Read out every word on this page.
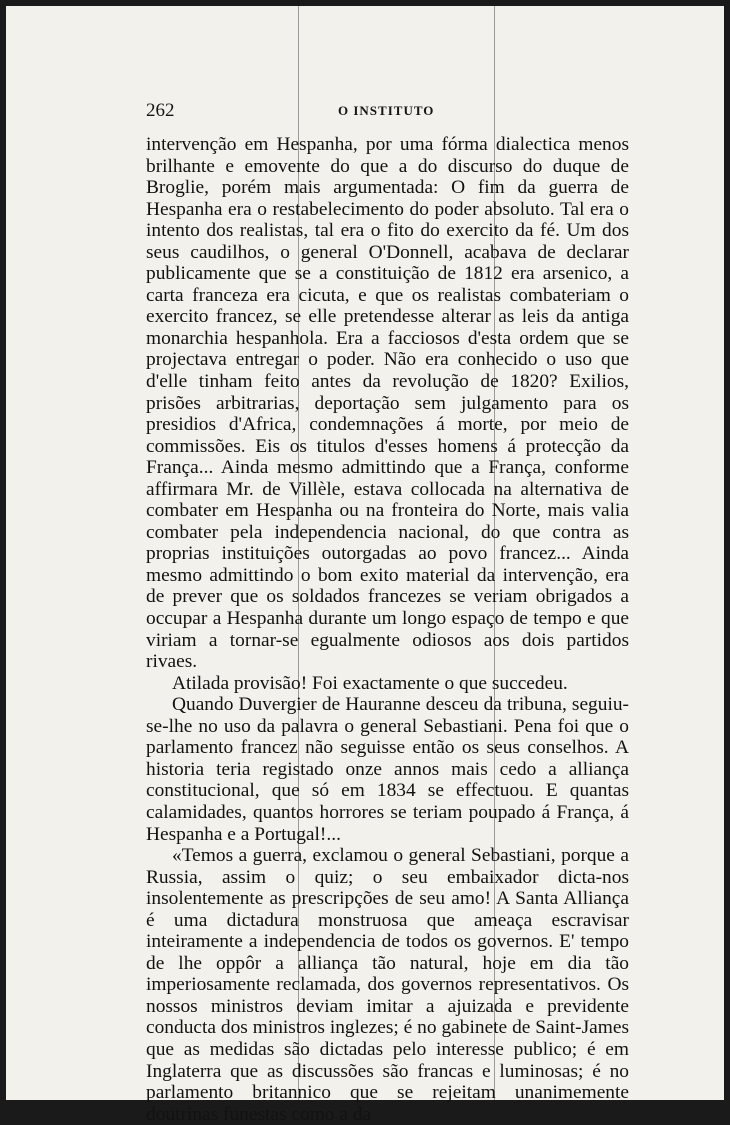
262	O INSTITUTO

intervenção em Hespanha, por uma fórma dialectica menos brilhante e emovente do que a do discurso do duque de Broglie, porém mais argumentada: O fim da guerra de Hespanha era o restabelecimento do poder absoluto. Tal era o intento dos realistas, tal era o fito do exercito da fé. Um dos seus caudilhos, o general O'Donnell, acabava de declarar publicamente que se a constituição de 1812 era arsenico, a carta franceza era cicuta, e que os realistas combateriam o exercito francez, se elle pretendesse alterar as leis da antiga monarchia hespanhola. Era a facciosos d'esta ordem que se projectava entregar o poder. Não era conhecido o uso que d'elle tinham feito antes da revolução de 1820? Exilios, prisões arbitrarias, deportação sem julgamento para os presidios d'Africa, condemnações á morte, por meio de commissões. Eis os titulos d'esses homens á protecção da França... Ainda mesmo admittindo que a França, conforme affirmara Mr. de Villèle, estava collocada na alternativa de combater em Hespanha ou na fronteira do Norte, mais valia combater pela independencia nacional, do que contra as proprias instituições outorgadas ao povo francez... Ainda mesmo admittindo o bom exito material da intervenção, era de prever que os soldados francezes se veriam obrigados a occupar a Hespanha durante um longo espaço de tempo e que viriam a tornar-se egualmente odiosos aos dois partidos rivaes.

Atilada provisão! Foi exactamente o que succedeu.

Quando Duvergier de Hauranne desceu da tribuna, seguiu-se-lhe no uso da palavra o general Sebastiani. Pena foi que o parlamento francez não seguisse então os seus conselhos. A historia teria registado onze annos mais cedo a alliança constitucional, que só em 1834 se effectuou. E quantas calamidades, quantos horrores se teriam poupado á França, á Hespanha e a Portugal!...

«Temos a guerra, exclamou o general Sebastiani, porque a Russia, assim o quiz; o seu embaixador dicta-nos insolentemente as prescripções de seu amo! A Santa Alliança é uma dictadura monstruosa que ameaça escravisar inteiramente a independencia de todos os governos. E' tempo de lhe oppôr a alliança tão natural, hoje em dia tão imperiosamente reclamada, dos governos representativos. Os nossos ministros deviam imitar a ajuizada e previdente conducta dos ministros inglezes; é no gabinete de Saint-James que as medidas são dictadas pelo interesse publico; é em Inglaterra que as discussões são francas e luminosas; é no parlamento britannico que se rejeitam unanimemente doutrinas funestas como a da
